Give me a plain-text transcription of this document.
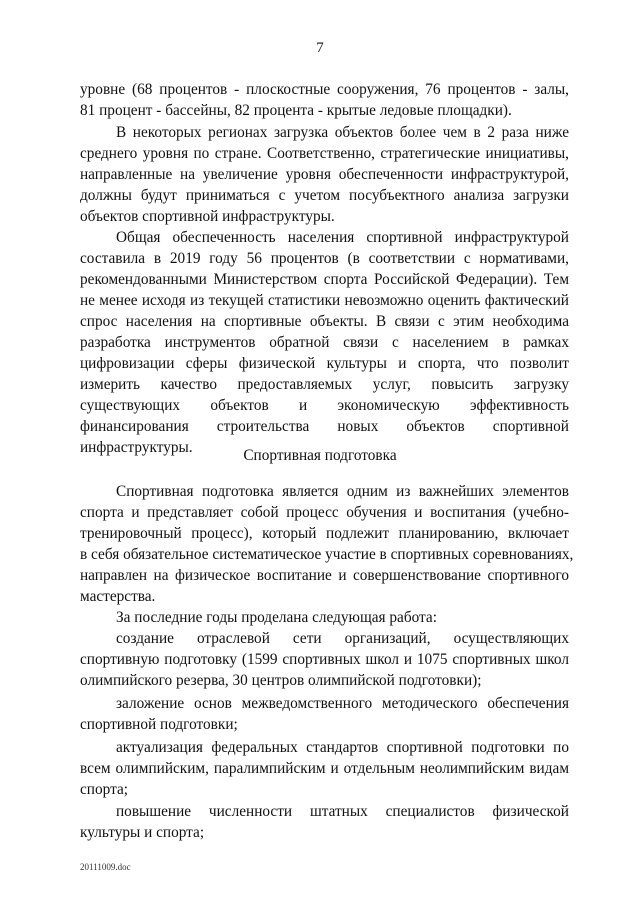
7
уровне (68 процентов - плоскостные сооружения, 76 процентов - залы,
81 процент - бассейны, 82 процента - крытые ледовые площадки).
В некоторых регионах загрузка объектов более чем в 2 раза ниже
среднего уровня по стране. Соответственно, стратегические инициативы,
направленные на увеличение уровня обеспеченности инфраструктурой,
должны будут приниматься с учетом посубъектного анализа загрузки
объектов спортивной инфраструктуры.
Общая обеспеченность населения спортивной инфраструктурой
составила в 2019 году 56 процентов (в соответствии с нормативами,
рекомендованными Министерством спорта Российской Федерации). Тем
не менее исходя из текущей статистики невозможно оценить фактический
спрос населения на спортивные объекты. В связи с этим необходима
разработка инструментов обратной связи с населением в рамках
цифровизации сферы физической культуры и спорта, что позволит
измерить качество предоставляемых услуг, повысить загрузку
существующих объектов и экономическую эффективность
финансирования строительства новых объектов спортивной
инфраструктуры.	Спортивная подготовка
Спортивная подготовка является одним из важнейших элементов
спорта и представляет собой процесс обучения и воспитания (учебно-
тренировочный процесс), который подлежит планированию, включает
в себя обязательное систематическое участие в спортивных соревнованиях,
направлен на физическое воспитание и совершенствование спортивного
мастерства.
За последние годы проделана следующая работа:
создание отраслевой сети организаций, осуществляющих
спортивную подготовку (1599 спортивных школ и 1075 спортивных школ
олимпийского резерва, 30 центров олимпийской подготовки);
заложение основ межведомственного методического обеспечения
спортивной подготовки;
актуализация федеральных стандартов спортивной подготовки по
всем олимпийским, паралимпийским и отдельным неолимпийским видам
спорта;
повышение численности штатных специалистов физической
20111009.doc
культуры и спорта;
